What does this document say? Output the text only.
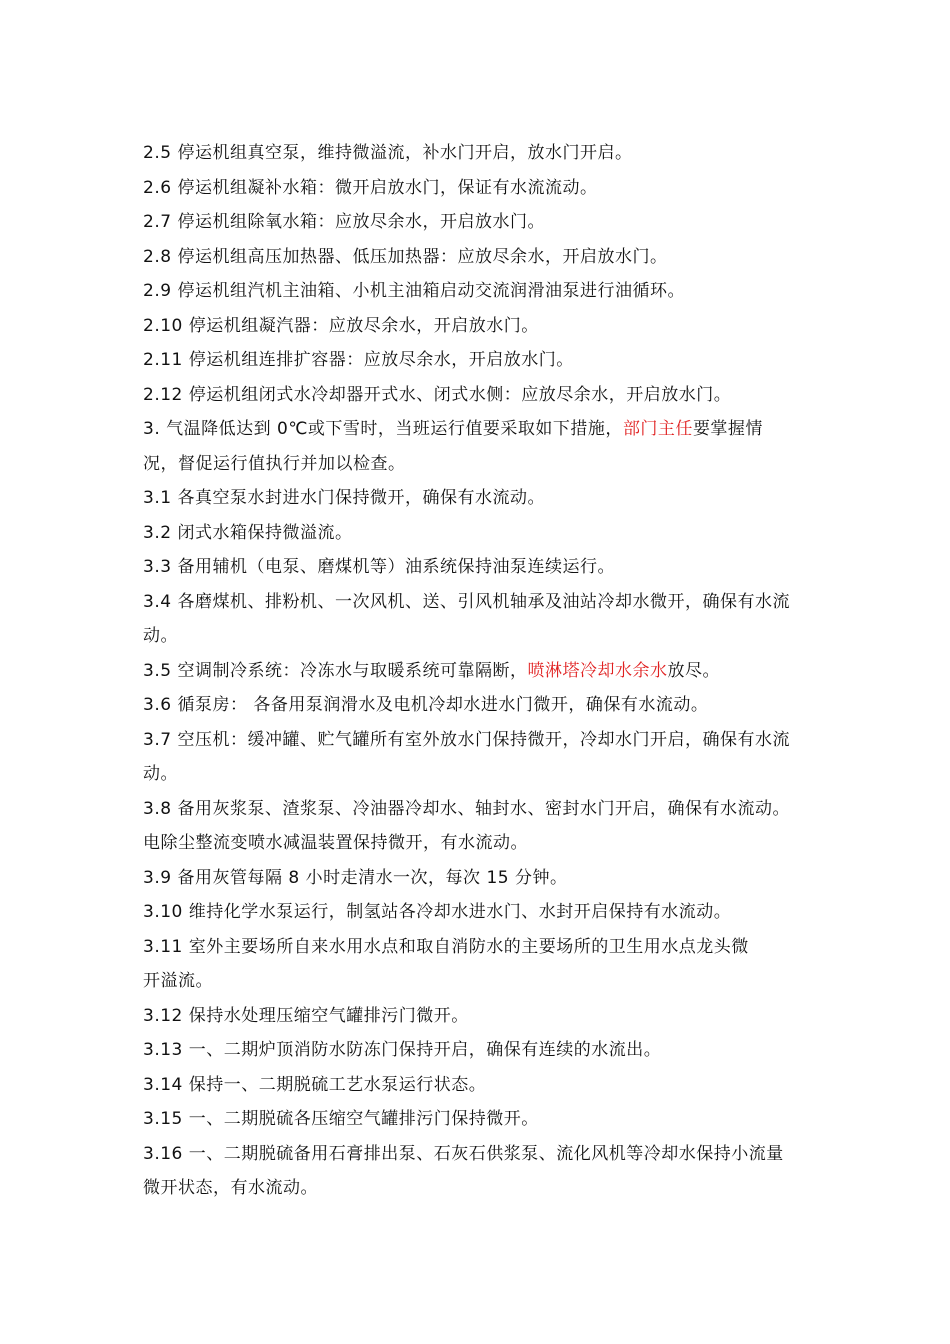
2.5 停运机组真空泵，维持微溢流，补水门开启，放水门开启。
2.6 停运机组凝补水箱：微开启放水门，保证有水流流动。
2.7 停运机组除氧水箱：应放尽余水，开启放水门。
2.8 停运机组高压加热器、低压加热器：应放尽余水，开启放水门。
2.9 停运机组汽机主油箱、小机主油箱启动交流润滑油泵进行油循环。
2.10 停运机组凝汽器：应放尽余水，开启放水门。
2.11 停运机组连排扩容器：应放尽余水，开启放水门。
2.12 停运机组闭式水冷却器开式水、闭式水侧：应放尽余水，开启放水门。
3. 气温降低达到 0℃或下雪时，当班运行值要采取如下措施，部门主任要掌握情
况，督促运行值执行并加以检查。
3.1 各真空泵水封进水门保持微开，确保有水流动。
3.2 闭式水箱保持微溢流。
3.3 备用辅机（电泵、磨煤机等）油系统保持油泵连续运行。
3.4 各磨煤机、排粉机、一次风机、送、引风机轴承及油站冷却水微开，确保有水流
动。
3.5 空调制冷系统：冷冻水与取暖系统可靠隔断，喷淋塔冷却水余水放尽。
3.6 循泵房： 各备用泵润滑水及电机冷却水进水门微开，确保有水流动。
3.7 空压机：缓冲罐、贮气罐所有室外放水门保持微开，冷却水门开启，确保有水流
动。
3.8 备用灰浆泵、渣浆泵、冷油器冷却水、轴封水、密封水门开启，确保有水流动。
电除尘整流变喷水减温装置保持微开，有水流动。
3.9 备用灰管每隔 8 小时走清水一次，每次 15 分钟。
3.10 维持化学水泵运行，制氢站各冷却水进水门、水封开启保持有水流动。
3.11 室外主要场所自来水用水点和取自消防水的主要场所的卫生用水点龙头微
开溢流。
3.12 保持水处理压缩空气罐排污门微开。
3.13 一、二期炉顶消防水防冻门保持开启，确保有连续的水流出。
3.14 保持一、二期脱硫工艺水泵运行状态。
3.15 一、二期脱硫各压缩空气罐排污门保持微开。
3.16 一、二期脱硫备用石膏排出泵、石灰石供浆泵、流化风机等冷却水保持小流量
微开状态，有水流动。
